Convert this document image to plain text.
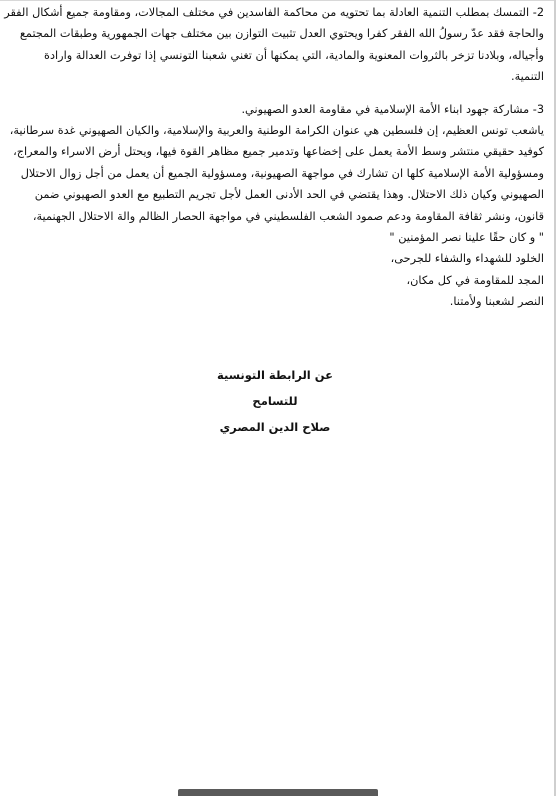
2- التمسك بمطلب التنمية العادلة بما تحتويه من محاكمة الفاسدين في مختلف المجالات، ومقاومة جميع أشكال الفقر
والحاجة فقد عدّ رسولُ الله الفقر كفرا ويحتوي العدل تثبيت التوازن بين مختلف جهات الجمهورية وطبقات المجتمع
وأجياله، وبلادنا تزخر بالثروات المعنوية والمادية، التي يمكنها أن تغني شعبنا التونسي إذا توفرت العدالة وارادة
التنمية.
3- مشاركة جهود ابناء الأمة الإسلامية في مقاومة العدو الصهيوني.
ياشعب تونس العظيم، إن فلسطين هي عنوان الكرامة الوطنية والعربية والإسلامية، والكيان الصهيوني غدة سرطانية،
كوفيد حقيقي منتشر وسط الأمة يعمل على إخضاعها وتدمير جميع مظاهر القوة فيها، ويحتل أرض الاسراء والمعراج،
ومسؤولية الأمة الإسلامية كلها ان تشارك في مواجهة الصهيونية، ومسؤولية الجميع أن يعمل من أجل زوال الاحتلال
الصهيوني وكيان ذلك الاحتلال. وهذا يقتضي في الحد الأدنى العمل لأجل تجريم التطبيع مع العدو الصهيوني ضمن
قانون، ونشر ثقافة المقاومة ودعم صمود الشعب الفلسطيني في مواجهة الحصار الظالم والة الاحتلال الجهنمية،
" و كان حقًا علينا نصر المؤمنين "
الخلود للشهداء والشفاء للجرحى،
المجد للمقاومة في كل مكان،
النصر لشعبنا ولأمتنا.
عن الرابطة التونسية للتسامح
صلاح الدين المصري
